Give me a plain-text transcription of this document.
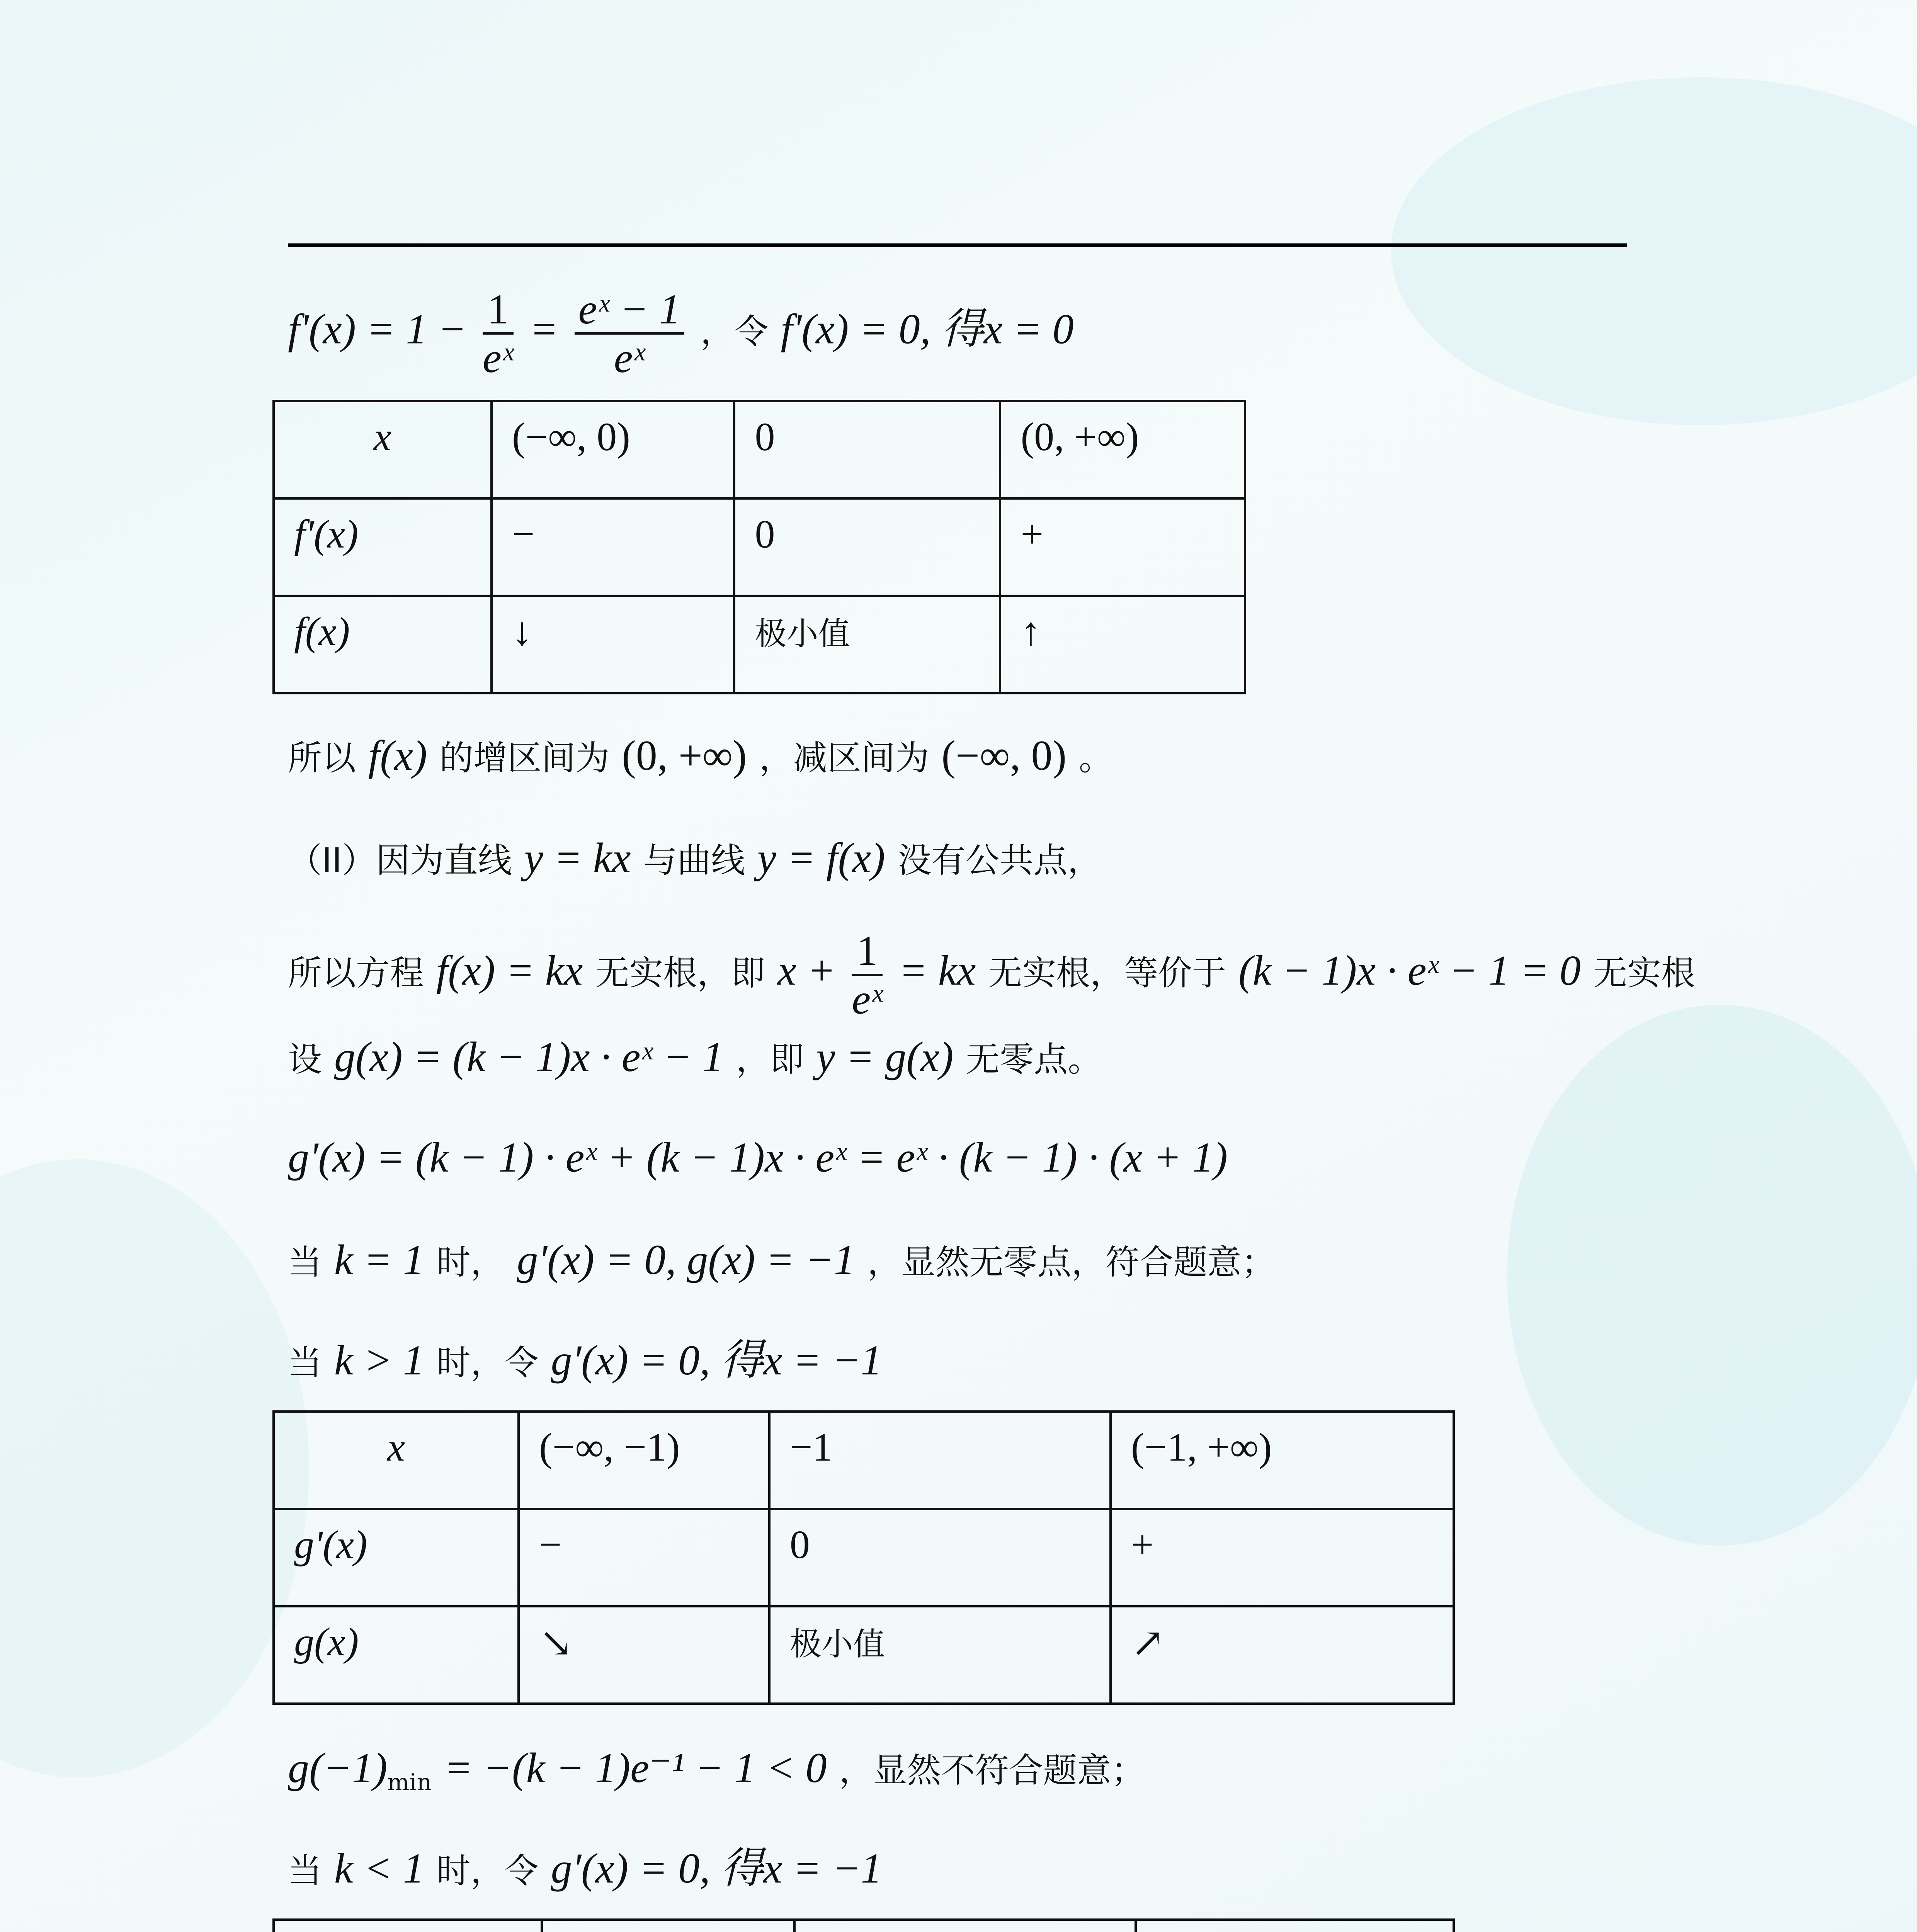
$f'(x) = 1 - \frac{1}{\text{eˣ}} = \frac{\text{eˣ − 1}}{\text{eˣ}}$ ，令 f'(x) = 0, 得x = 0
x	(−∞, 0)	0	(0, +∞)
f'(x)	−	0	+
f(x)	↓	极小值	↑
所以 f(x) 的增区间为 (0, +∞) ，减区间为 (−∞, 0) 。
（II）因为直线 y = kx 与曲线 y = f(x) 没有公共点，
所以方程 f(x) = kx 无实根，即 $x + \frac{1}{\text{eˣ}}$ = kx 无实根，等价于 (k − 1)x · eˣ − 1 = 0 无实根
设 g(x) = (k − 1)x · eˣ − 1 ，即 y = g(x) 无零点。
g'(x) = (k − 1) · eˣ + (k − 1)x · eˣ = eˣ · (k − 1) · (x + 1)
当 k = 1 时， g'(x) = 0, g(x) = −1 ，显然无零点，符合题意；
当 k > 1 时，令 g'(x) = 0, 得x = −1
x	(−∞, −1)	−1	(−1, +∞)
g'(x)	−	0	+
g(x)	↘	极小值	↗
$g(-1)_{min} = -(k - 1)e^{-1} - 1 < 0$ ，显然不符合题意；
当 k < 1 时，令 g'(x) = 0, 得x = −1
